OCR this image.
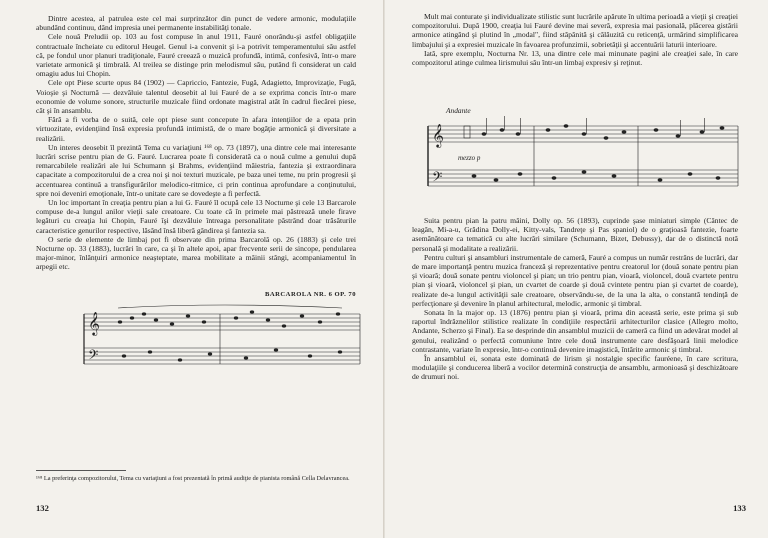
Dintre acestea, al patrulea este cel mai surprinzător din punct de vedere armonic, modulaţiile abundând continuu, dând impresia unei permanente instabilităţi tonale.

Cele nouă Preludii op. 103 au fost compuse în anul 1911, Fauré onorându-şi astfel obligaţiile contractuale încheiate cu editorul Heugel. Genul i-a convenit şi i-a potrivit temperamentului său astfel că, pe fondul unor planuri tradiţionale, Fauré creează o muzică profundă, intimă, confesivă, într-o mare varietate armonică şi timbrală. Al treilea se distinge prin melodismul său, putând fi considerat un cald omagiu adus lui Chopin.

Cele opt Piese scurte opus 84 (1902) — Capriccio, Fantezie, Fugă, Adagietto, Improvizaţie, Fugă, Voioşie şi Nocturnă — dezvăluie talentul deosebit al lui Fauré de a se exprima concis într-o mare economie de volume sonore, structurile muzicale fiind ordonate magistral atât în cadrul fiecărei piese, cât şi în ansamblu.

Fără a fi vorba de o suită, cele opt piese sunt concepute în afara intenţiilor de a epata prin virtuozitate, evidenţiind însă expresia profundă intimistă, de o mare bogăţie armonică şi diversitate a realizării.

Un interes deosebit îl prezintă Tema cu variaţiuni ¹⁶⁸ op. 73 (1897), una dintre cele mai interesante lucrări scrise pentru pian de G. Fauré. Lucrarea poate fi considerată ca o nouă culme a genului după remarcabilele realizări ale lui Schumann şi Brahms, evidenţiind măiestria, fantezia şi extraordinara capacitate a compozitorului de a crea noi şi noi texturi muzicale, pe baza unei teme, nu prin progresii şi accentuarea continuă a transfigurărilor melodico-ritmice, ci prin continua aprofundare a conţinutului, spre noi deveniri emoţionale, într-o unitate care se dovedeşte a fi perfectă.

Un loc important în creaţia pentru pian a lui G. Fauré îl ocupă cele 13 Nocturne şi cele 13 Barcarole compuse de-a lungul anilor vieţii sale creatoare. Cu toate că în primele mai păstrează unele firave legături cu creaţia lui Chopin, Fauré îşi dezvăluie întreaga personalitate păstrând doar trăsăturile caracteristice genurilor respective, lăsând însă liberă gândirea şi fantezia sa.

O serie de elemente de limbaj pot fi observate din prima Barcarolă op. 26 (1883) şi cele trei Nocturne op. 33 (1883), lucrări în care, ca şi în altele apoi, apar frecvente serii de sincope, pendularea major-minor, înlănţuiri armonice neaşteptate, marea mobilitate a mâinii stângi, acompaniamentul în arpegii etc.

BARCAROLA NR. 6 OP. 70
𝄞
𝄢
¹⁶⁸ La preferinţa compozitorului, Tema cu variaţiuni a fost prezentată în primă audiţie de pianista română Cella Delavrancea.
132

Mult mai conturate şi individualizate stilistic sunt lucrările apărute în ultima perioadă a vieţii şi creaţiei compozitorului. După 1900, creaţia lui Fauré devine mai severă, expresia mai pasională, plăcerea gistării armonice atingând şi plutind în „modal", fiind stăpânită şi călăuzită cu reticenţă, urmărind simplificarea limbajului şi a expresiei muzicale în favoarea profunzimii, sobrietăţii şi accentuării laturii interioare.

Iată, spre exemplu, Nocturna Nr. 13, una dintre cele mai minunate pagini ale creaţiei sale, în care compozitorul atinge culmea lirismului său într-un limbaj expresiv şi reţinut.

Andante
𝄞
𝄢
mezzo p

Suita pentru pian la patru mâini, Dolly op. 56 (1893), cuprinde şase miniaturi simple (Cântec de leagăn, Mi-a-u, Grădina Dolly-ei, Kitty-vals, Tandreţe şi Pas spaniol) de o graţioasă fantezie, foarte asemănătoare ca tematică cu alte lucrări similare (Schumann, Bizet, Debussy), dar de o distinctă notă personală şi modalitate a realizării.

Pentru culturi şi ansambluri instrumentale de cameră, Fauré a compus un număr restrâns de lucrări, dar de mare importanţă pentru muzica franceză şi reprezentative pentru creatorul lor (două sonate pentru pian şi vioară; două sonate pentru violoncel şi pian; un trio pentru pian, vioară, violoncel, două cvartete pentru pian şi vioară, violoncel şi pian, un cvartet de coarde şi două cvintete pentru pian şi cvartet de coarde), realizate de-a lungul activităţii sale creatoare, observându-se, de la una la alta, o constantă tendinţă de perfecţionare şi devenire în planul arhitectural, melodic, armonic şi timbral.

Sonata în la major op. 13 (1876) pentru pian şi vioară, prima din această serie, este prima şi sub raportul îndrăznelilor stilistice realizate în condiţiile respectării arhitecturilor clasice (Allegro molto, Andante, Scherzo şi Final). Ea se desprinde din ansamblul muzicii de cameră ca fiind un adevărat model al genului, realizând o perfectă comuniune între cele două instrumente care desfăşoară linii melodice contrastante, variate în expresie, într-o continuă devenire imagistică, întărite armonic şi timbral.

În ansamblul ei, sonata este dominată de lirism şi nostalgie specific fauréene, în care scritura, modulaţiile şi conducerea liberă a vocilor determină construcţia de ansamblu, armonioasă şi deschizătoare de drumuri noi.

133
